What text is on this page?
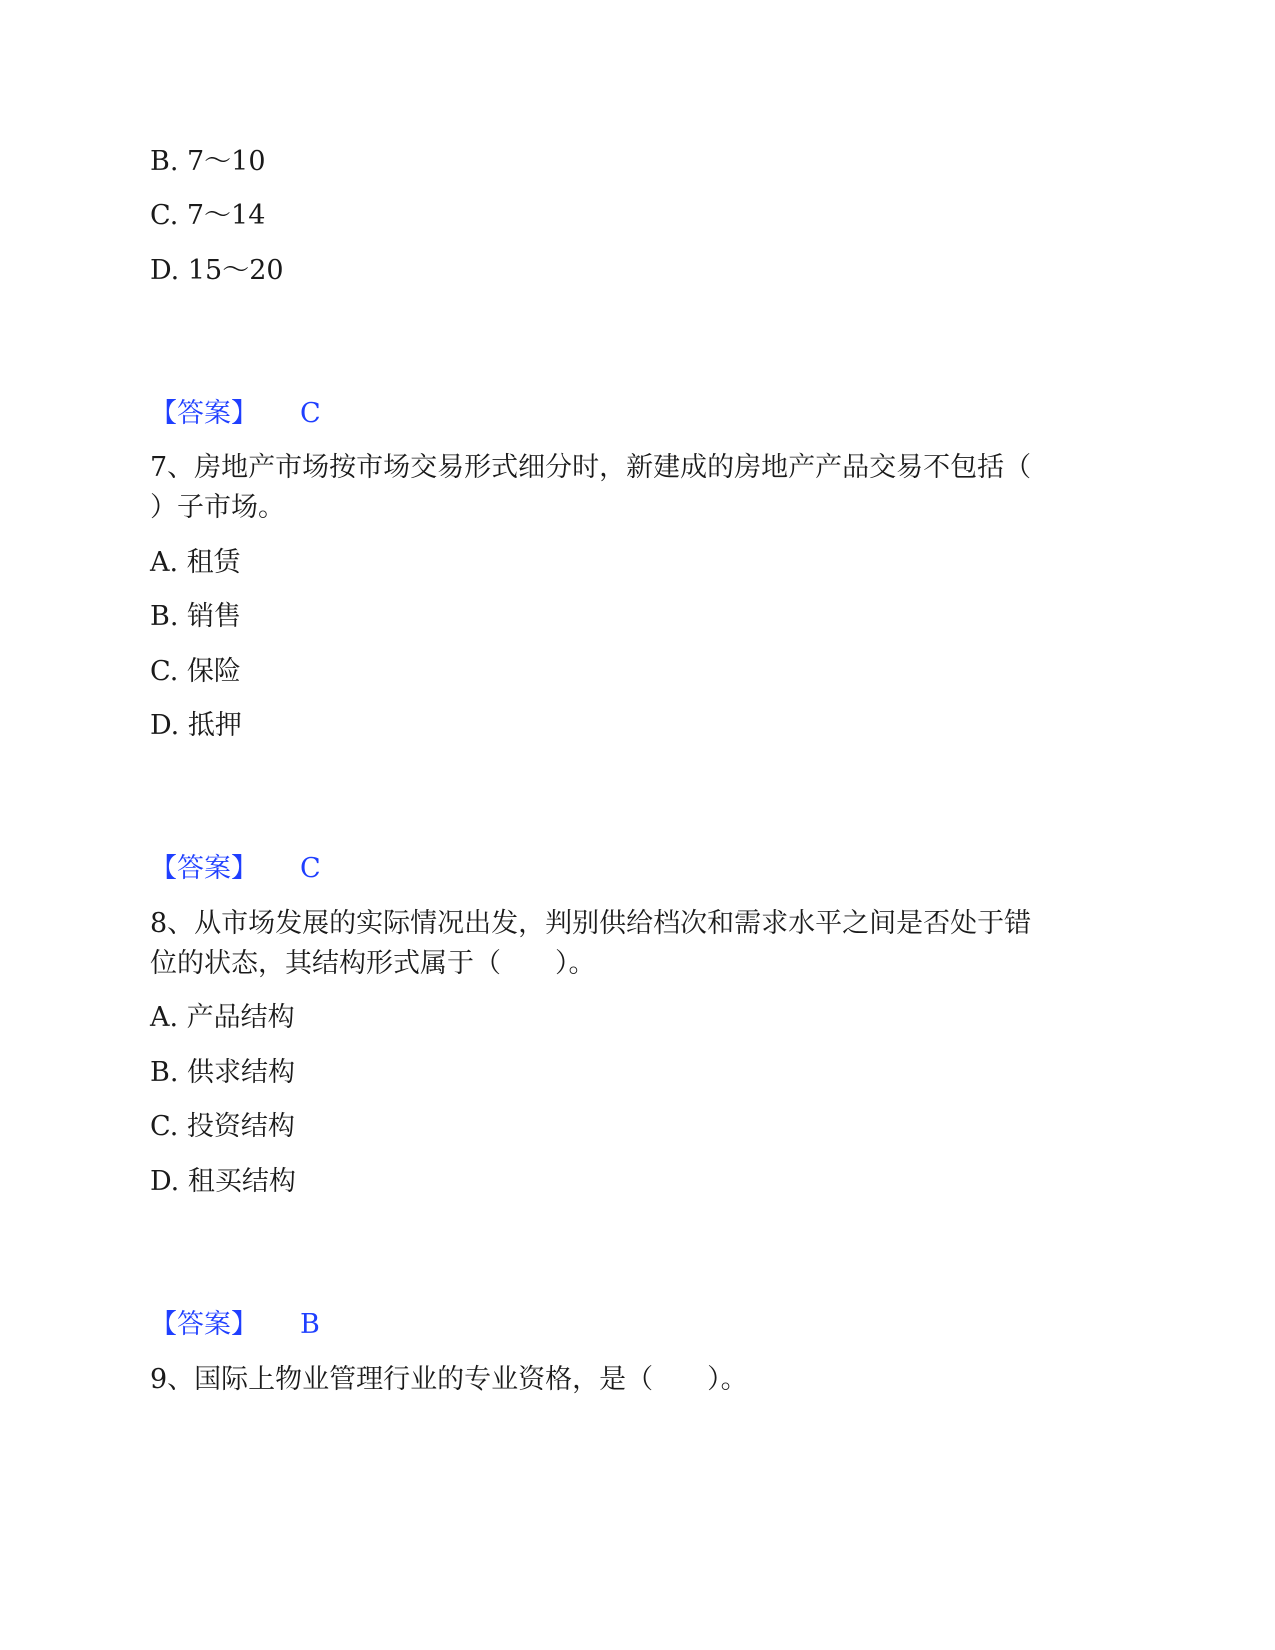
B. 7～10
C. 7～14
D. 15～20
【答案】 C
7、房地产市场按市场交易形式细分时，新建成的房地产产品交易不包括（
）子市场。
A. 租赁
B. 销售
C. 保险
D. 抵押
【答案】 C
8、从市场发展的实际情况出发，判别供给档次和需求水平之间是否处于错
位的状态，其结构形式属于（　　）。
A. 产品结构
B. 供求结构
C. 投资结构
D. 租买结构
【答案】 B
9、国际上物业管理行业的专业资格，是（　　）。
